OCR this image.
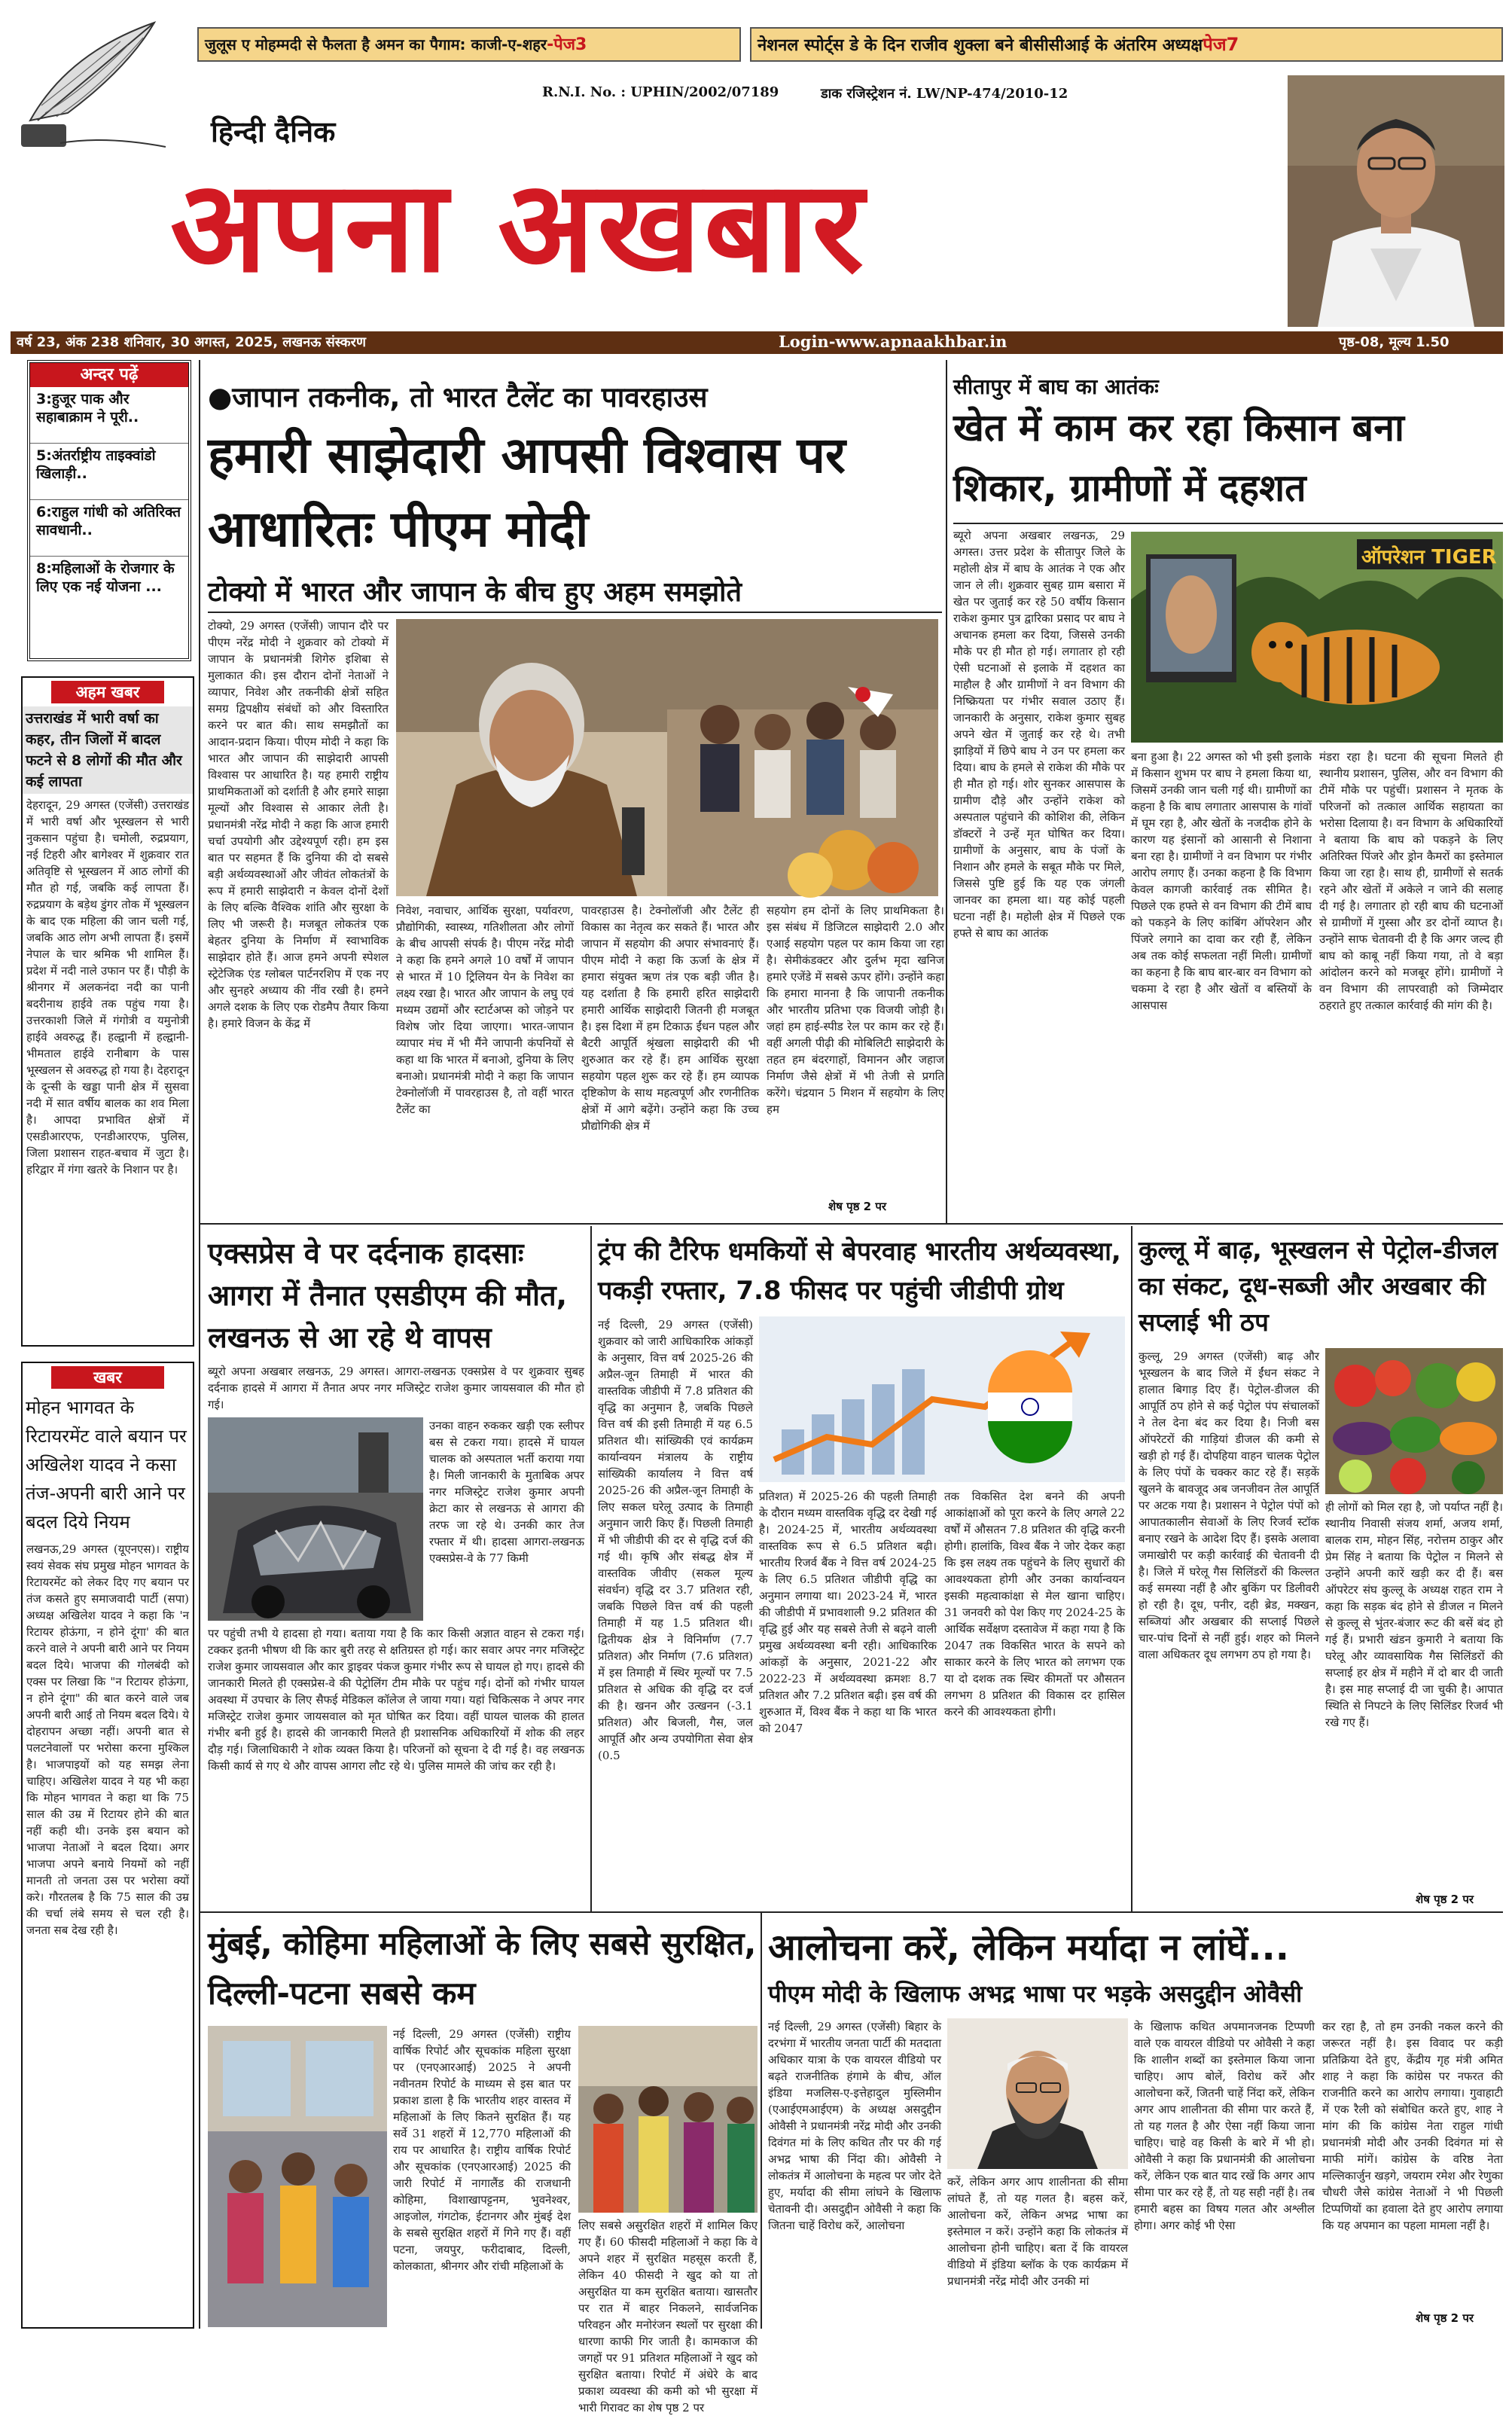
जुलूस ए मोहम्मदी से फैलता है अमन का पैगाम: काजी-ए-शहर-पेज3	नेशनल स्पोर्ट्स डे के दिन राजीव शुक्ला बने बीसीसीआई के अंतरिम अध्यक्षपेज7
R.N.I. No. : UPHIN/2002/07189	डाक रजिस्ट्रेशन नं. LW/NP-474/2010-12
हिन्दी दैनिक
अपना अखबार
वर्ष 23, अंक 238 शनिवार, 30 अगस्त, 2025, लखनऊ संस्करण	Login-www.apnaakhbar.in	पृष्ठ-08, मूल्य 1.50
अन्दर पढ़ें
3:हुजूर पाक और सहाबाक्राम ने पूरी..
5:अंतर्राष्ट्रीय ताइक्वांडो खिलाड़ी..
6:राहुल गांधी को अतिरिक्त सावधानी..
8:महिलाओं के रोजगार के लिए एक नई योजना ...
अहम खबर
उत्तराखंड में भारी वर्षा का कहर, तीन जिलों में बादल फटने से 8 लोगों की मौत और कई लापता
देहरादून, 29 अगस्त (एजेंसी) उत्तराखंड में भारी वर्षा और भूस्खलन से भारी नुकसान पहुंचा है। चमोली, रुद्रप्रयाग, नई टिहरी और बागेश्वर में शुक्रवार रात अतिवृष्टि से भूस्खलन में आठ लोगों की मौत हो गई, जबकि कई लापता हैं। रुद्रप्रयाग के बड़ेथ डुंगर तोक में भूस्खलन के बाद एक महिला की जान चली गई, जबकि आठ लोग अभी लापता हैं। इसमें नेपाल के चार श्रमिक भी शामिल हैं। प्रदेश में नदी नाले उफान पर हैं। पौड़ी के श्रीनगर में अलकनंदा नदी का पानी बदरीनाथ हाईवे तक पहुंच गया है। उत्तरकाशी जिले में गंगोत्री व यमुनोत्री हाईवे अवरुद्ध हैं। हल्द्वानी में हल्द्वानी-भीमताल हाईवे रानीबाग के पास भूस्खलन से अवरुद्ध हो गया है। देहरादून के दून्सी के खड्डा पानी क्षेत्र में सुसवा नदी में सात वर्षीय बालक का शव मिला है। आपदा प्रभावित क्षेत्रों में एसडीआरएफ, एनडीआरएफ, पुलिस, जिला प्रशासन राहत-बचाव में जुटा है। हरिद्वार में गंगा खतरे के निशान पर है।
खबर
मोहन भागवत के रिटायरमेंट वाले बयान पर अखिलेश यादव ने कसा तंज-अपनी बारी आने पर बदल दिये नियम
लखनऊ,29 अगस्त (यूएनएस)। राष्ट्रीय स्वयं सेवक संघ प्रमुख मोहन भागवत के रिटायरमेंट को लेकर दिए गए बयान पर तंज कसते हुए समाजवादी पार्टी (सपा) अध्यक्ष अखिलेश यादव ने कहा कि 'न रिटायर होऊंगा, न होने दूंगा' की बात करने वाले ने अपनी बारी आने पर नियम बदल दिये। भाजपा की गोलबंदी को एक्स पर लिखा कि "न रिटायर होऊंगा, न होने दूंगा" की बात करने वाले जब अपनी बारी आई तो नियम बदल दिये। ये दोहरापन अच्छा नहीं। अपनी बात से पलटनेवालों पर भरोसा करना मुश्किल है। भाजपाइयों को यह समझ लेना चाहिए। अखिलेश यादव ने यह भी कहा कि मोहन भागवत ने कहा था कि 75 साल की उम्र में रिटायर होने की बात नहीं कही थी। उनके इस बयान को भाजपा नेताओं ने बदल दिया। अगर भाजपा अपने बनाये नियमों को नहीं मानती तो जनता उस पर भरोसा क्यों करे। गौरतलब है कि 75 साल की उम्र की चर्चा लंबे समय से चल रही है। जनता सब देख रही है।
●जापान तकनीक, तो भारत टैलेंट का पावरहाउस
हमारी साझेदारी आपसी विश्वास पर आधारितः पीएम मोदी
टोक्यो में भारत और जापान के बीच हुए अहम समझोते
टोक्यो, 29 अगस्त (एजेंसी) जापान दौरे पर पीएम नरेंद्र मोदी ने शुक्रवार को टोक्यो में जापान के प्रधानमंत्री शिगेरु इशिबा से मुलाकात की। इस दौरान दोनों नेताओं ने व्यापार, निवेश और तकनीकी क्षेत्रों सहित समग्र द्विपक्षीय संबंधों को और विस्तारित करने पर बात की। साथ समझौतों का आदान-प्रदान किया। पीएम मोदी ने कहा कि भारत और जापान की साझेदारी आपसी विश्वास पर आधारित है। यह हमारी राष्ट्रीय प्राथमिकताओं को दर्शाती है और हमारे साझा मूल्यों और विश्वास से आकार लेती है। प्रधानमंत्री नरेंद्र मोदी ने कहा कि आज हमारी चर्चा उपयोगी और उद्देश्यपूर्ण रही। हम इस बात पर सहमत हैं कि दुनिया की दो सबसे बड़ी अर्थव्यवस्थाओं और जीवंत लोकतंत्रों के रूप में हमारी साझेदारी न केवल दोनों देशों के लिए बल्कि वैश्विक शांति और सुरक्षा के लिए भी जरूरी है। मजबूत लोकतंत्र एक बेहतर दुनिया के निर्माण में स्वाभाविक साझेदार होते हैं। आज हमने अपनी स्पेशल स्ट्रेटेजिक एंड ग्लोबल पार्टनरशिप में एक नए और सुनहरे अध्याय की नींव रखी है। हमने अगले दशक के लिए एक रोडमैप तैयार किया है। हमारे विजन के केंद्र में
निवेश, नवाचार, आर्थिक सुरक्षा, पर्यावरण, प्रौद्योगिकी, स्वास्थ्य, गतिशीलता और लोगों के बीच आपसी संपर्क है। पीएम नरेंद्र मोदी ने कहा कि हमने अगले 10 वर्षों में जापान से भारत में 10 ट्रिलियन येन के निवेश का लक्ष्य रखा है। भारत और जापान के लघु एवं मध्यम उद्यमों और स्टार्टअप्स को जोड़ने पर विशेष जोर दिया जाएगा। भारत-जापान व्यापार मंच में भी मैंने जापानी कंपनियों से कहा था कि भारत में बनाओ, दुनिया के लिए बनाओ। प्रधानमंत्री मोदी ने कहा कि जापान टेक्नोलॉजी में पावरहाउस है, तो वहीं भारत टैलेंट का
पावरहाउस है। टेक्नोलॉजी और टैलेंट ही विकास का नेतृत्व कर सकते हैं। भारत और जापान में सहयोग की अपार संभावनाएं हैं। पीएम मोदी ने कहा कि ऊर्जा के क्षेत्र में हमारा संयुक्त ऋण तंत्र एक बड़ी जीत है। यह दर्शाता है कि हमारी हरित साझेदारी हमारी आर्थिक साझेदारी जितनी ही मजबूत है। इस दिशा में हम टिकाऊ ईंधन पहल और बैटरी आपूर्ति श्रृंखला साझेदारी की भी शुरुआत कर रहे हैं। हम आर्थिक सुरक्षा सहयोग पहल शुरू कर रहे हैं। हम व्यापक दृष्टिकोण के साथ महत्वपूर्ण और रणनीतिक क्षेत्रों में आगे बढ़ेंगे। उन्होंने कहा कि उच्च प्रौद्योगिकी क्षेत्र में
सहयोग हम दोनों के लिए प्राथमिकता है। इस संबंध में डिजिटल साझेदारी 2.0 और एआई सहयोग पहल पर काम किया जा रहा है। सेमीकंडक्टर और दुर्लभ मृदा खनिज हमारे एजेंडे में सबसे ऊपर होंगे। उन्होंने कहा कि हमारा मानना है कि जापानी तकनीक और भारतीय प्रतिभा एक विजयी जोड़ी है। जहां हम हाई-स्पीड रेल पर काम कर रहे हैं। वहीं अगली पीढ़ी की मोबिलिटी साझेदारी के तहत हम बंदरगाहों, विमानन और जहाज निर्माण जैसे क्षेत्रों में भी तेजी से प्रगति करेंगे। चंद्रयान 5 मिशन में सहयोग के लिए हम
शेष पृष्ठ 2 पर
सीतापुर में बाघ का आतंकः
खेत में काम कर रहा किसान बना शिकार, ग्रामीणों में दहशत
ब्यूरो अपना अखबार लखनऊ, 29 अगस्त। उत्तर प्रदेश के सीतापुर जिले के महोली क्षेत्र में बाघ के आतंक ने एक और जान ले ली। शुक्रवार सुबह ग्राम बसारा में खेत पर जुताई कर रहे 50 वर्षीय किसान राकेश कुमार पुत्र द्वारिका प्रसाद पर बाघ ने अचानक हमला कर दिया, जिससे उनकी मौके पर ही मौत हो गई। लगातार हो रही ऐसी घटनाओं से इलाके में दहशत का माहौल है और ग्रामीणों ने वन विभाग की निष्क्रियता पर गंभीर सवाल उठाए हैं। जानकारी के अनुसार, राकेश कुमार सुबह अपने खेत में जुताई कर रहे थे। तभी झाड़ियों में छिपे बाघ ने उन पर हमला कर दिया। बाघ के हमले से राकेश की मौके पर ही मौत हो गई। शोर सुनकर आसपास के ग्रामीण दौड़े और उन्होंने राकेश को अस्पताल पहुंचाने की कोशिश की, लेकिन डॉक्टरों ने उन्हें मृत घोषित कर दिया। ग्रामीणों के अनुसार, बाघ के पंजों के निशान और हमले के सबूत मौके पर मिले, जिससे पुष्टि हुई कि यह एक जंगली जानवर का हमला था। यह कोई पहली घटना नहीं है। महोली क्षेत्र में पिछले एक हफ्ते से बाघ का आतंक
ऑपरेशन TIGER
बना हुआ है। 22 अगस्त को भी इसी इलाके में किसान शुभम पर बाघ ने हमला किया था, जिसमें उनकी जान चली गई थी। ग्रामीणों का कहना है कि बाघ लगातार आसपास के गांवों में घूम रहा है, और खेतों के नजदीक होने के कारण यह इंसानों को आसानी से निशाना बना रहा है। ग्रामीणों ने वन विभाग पर गंभीर आरोप लगाए हैं। उनका कहना है कि विभाग केवल कागजी कार्रवाई तक सीमित है। पिछले एक हफ्ते से वन विभाग की टीमें बाघ को पकड़ने के लिए कांबिंग ऑपरेशन और पिंजरे लगाने का दावा कर रही हैं, लेकिन अब तक कोई सफलता नहीं मिली। ग्रामीणों का कहना है कि बाघ बार-बार वन विभाग को चकमा दे रहा है और खेतों व बस्तियों के आसपास
मंडरा रहा है। घटना की सूचना मिलते ही स्थानीय प्रशासन, पुलिस, और वन विभाग की टीमें मौके पर पहुंचीं। प्रशासन ने मृतक के परिजनों को तत्काल आर्थिक सहायता का भरोसा दिलाया है। वन विभाग के अधिकारियों ने बताया कि बाघ को पकड़ने के लिए अतिरिक्त पिंजरे और ड्रोन कैमरों का इस्तेमाल किया जा रहा है। साथ ही, ग्रामीणों से सतर्क रहने और खेतों में अकेले न जाने की सलाह दी गई है। लगातार हो रही बाघ की घटनाओं से ग्रामीणों में गुस्सा और डर दोनों व्याप्त है। उन्होंने साफ चेतावनी दी है कि अगर जल्द ही बाघ को काबू नहीं किया गया, तो वे बड़ा आंदोलन करने को मजबूर होंगे। ग्रामीणों ने वन विभाग की लापरवाही को जिम्मेदार ठहराते हुए तत्काल कार्रवाई की मांग की है।
एक्सप्रेस वे पर दर्दनाक हादसाः आगरा में तैनात एसडीएम की मौत, लखनऊ से आ रहे थे वापस
ब्यूरो अपना अखबार लखनऊ, 29 अगस्त। आगरा-लखनऊ एक्सप्रेस वे पर शुक्रवार सुबह दर्दनाक हादसे में आगरा में तैनात अपर नगर मजिस्ट्रेट राजेश कुमार जायसवाल की मौत हो गई।
उनका वाहन रुककर खड़ी एक स्लीपर बस से टकरा गया। हादसे में घायल चालक को अस्पताल भर्ती कराया गया है। मिली जानकारी के मुताबिक अपर नगर मजिस्ट्रेट राजेश कुमार अपनी क्रेटा कार से लखनऊ से आगरा की तरफ जा रहे थे। उनकी कार तेज रफ्तार में थी। हादसा आगरा-लखनऊ एक्सप्रेस-वे के 77 किमी
पर पहुंची तभी ये हादसा हो गया। बताया गया है कि कार किसी अज्ञात वाहन से टकरा गई। टक्कर इतनी भीषण थी कि कार बुरी तरह से क्षतिग्रस्त हो गई। कार सवार अपर नगर मजिस्ट्रेट राजेश कुमार जायसवाल और कार ड्राइवर पंकज कुमार गंभीर रूप से घायल हो गए। हादसे की जानकारी मिलते ही एक्सप्रेस-वे की पेट्रोलिंग टीम मौके पर पहुंच गई। दोनों को गंभीर घायल अवस्था में उपचार के लिए सैफई मेडिकल कॉलेज ले जाया गया। यहां चिकित्सक ने अपर नगर मजिस्ट्रेट राजेश कुमार जायसवाल को मृत घोषित कर दिया। वहीं घायल चालक की हालत गंभीर बनी हुई है। हादसे की जानकारी मिलते ही प्रशासनिक अधिकारियों में शोक की लहर दौड़ गई। जिलाधिकारी ने शोक व्यक्त किया है। परिजनों को सूचना दे दी गई है। वह लखनऊ किसी कार्य से गए थे और वापस आगरा लौट रहे थे। पुलिस मामले की जांच कर रही है।
ट्रंप की टैरिफ धमकियों से बेपरवाह भारतीय अर्थव्यवस्था, पकड़ी रफ्तार, 7.8 फीसद पर पहुंची जीडीपी ग्रोथ
नई दिल्ली, 29 अगस्त (एजेंसी) शुक्रवार को जारी आधिकारिक आंकड़ों के अनुसार, वित्त वर्ष 2025-26 की अप्रैल-जून तिमाही में भारत की वास्तविक जीडीपी में 7.8 प्रतिशत की वृद्धि का अनुमान है, जबकि पिछले वित्त वर्ष की इसी तिमाही में यह 6.5 प्रतिशत थी। सांख्यिकी एवं कार्यक्रम कार्यान्वयन मंत्रालय के राष्ट्रीय सांख्यिकी कार्यालय ने वित्त वर्ष 2025-26 की अप्रैल-जून तिमाही के लिए सकल घरेलू उत्पाद के तिमाही अनुमान जारी किए हैं। पिछली तिमाही में भी जीडीपी की दर से वृद्धि दर्ज की गई थी। कृषि और संबद्ध क्षेत्र में वास्तविक जीवीए (सकल मूल्य संवर्धन) वृद्धि दर 3.7 प्रतिशत रही, जबकि पिछले वित्त वर्ष की पहली तिमाही में यह 1.5 प्रतिशत थी। द्वितीयक क्षेत्र ने विनिर्माण (7.7 प्रतिशत) और निर्माण (7.6 प्रतिशत) में इस तिमाही में स्थिर मूल्यों पर 7.5 प्रतिशत से अधिक की वृद्धि दर दर्ज की है। खनन और उत्खनन (-3.1 प्रतिशत) और बिजली, गैस, जल आपूर्ति और अन्य उपयोगिता सेवा क्षेत्र (0.5
प्रतिशत) में 2025-26 की पहली तिमाही के दौरान मध्यम वास्तविक वृद्धि दर देखी गई है। 2024-25 में, भारतीय अर्थव्यवस्था वास्तविक रूप से 6.5 प्रतिशत बढ़ी। भारतीय रिजर्व बैंक ने वित्त वर्ष 2024-25 के लिए 6.5 प्रतिशत जीडीपी वृद्धि का अनुमान लगाया था। 2023-24 में, भारत की जीडीपी में प्रभावशाली 9.2 प्रतिशत की वृद्धि हुई और यह सबसे तेजी से बढ़ने वाली प्रमुख अर्थव्यवस्था बनी रही। आधिकारिक आंकड़ों के अनुसार, 2021-22 और 2022-23 में अर्थव्यवस्था क्रमशः 8.7 प्रतिशत और 7.2 प्रतिशत बढ़ी। इस वर्ष की शुरुआत में, विश्व बैंक ने कहा था कि भारत को 2047
तक विकसित देश बनने की अपनी आकांक्षाओं को पूरा करने के लिए अगले 22 वर्षों में औसतन 7.8 प्रतिशत की वृद्धि करनी होगी। हालांकि, विश्व बैंक ने जोर देकर कहा कि इस लक्ष्य तक पहुंचने के लिए सुधारों की आवश्यकता होगी और उनका कार्यान्वयन इसकी महत्वाकांक्षा से मेल खाना चाहिए। 31 जनवरी को पेश किए गए 2024-25 के आर्थिक सर्वेक्षण दस्तावेज में कहा गया है कि 2047 तक विकसित भारत के सपने को साकार करने के लिए भारत को लगभग एक या दो दशक तक स्थिर कीमतों पर औसतन लगभग 8 प्रतिशत की विकास दर हासिल करने की आवश्यकता होगी।
कुल्लू में बाढ़, भूस्खलन से पेट्रोल-डीजल का संकट, दूध-सब्जी और अखबार की सप्लाई भी ठप
कुल्लू, 29 अगस्त (एजेंसी) बाढ़ और भूस्खलन के बाद जिले में ईंधन संकट ने हालात बिगाड़ दिए हैं। पेट्रोल-डीजल की आपूर्ति ठप होने से कई पेट्रोल पंप संचालकों ने तेल देना बंद कर दिया है। निजी बस ऑपरेटरों की गाड़ियां डीजल की कमी से खड़ी हो गई हैं। दोपहिया वाहन चालक पेट्रोल के लिए पंपों के चक्कर काट रहे हैं। सड़कें खुलने के बावजूद अब जनजीवन तेल आपूर्ति पर अटक गया है। प्रशासन ने पेट्रोल पंपों को आपातकालीन सेवाओं के लिए रिजर्व स्टॉक बनाए रखने के आदेश दिए हैं। इसके अलावा जमाखोरी पर कड़ी कार्रवाई की चेतावनी दी है। जिले में घरेलू गैस सिलिंडरों की किल्लत कई समस्या नहीं है और बुकिंग पर डिलीवरी हो रही है। दूध, पनीर, दही ब्रेड, मक्खन, सब्जियां और अखबार की सप्लाई पिछले चार-पांच दिनों से नहीं हुई। शहर को मिलने वाला अधिकतर दूध लगभग ठप हो गया है।
ही लोगों को मिल रहा है, जो पर्याप्त नहीं है। स्थानीय निवासी संजय शर्मा, अजय शर्मा, बालक राम, मोहन सिंह, नरोत्तम ठाकुर और प्रेम सिंह ने बताया कि पेट्रोल न मिलने से उन्होंने अपनी कारें खड़ी कर दी हैं। बस ऑपरेटर संघ कुल्लू के अध्यक्ष राहत राम ने कहा कि सड़क बंद होने से डीजल न मिलने से कुल्लू से भुंतर-बंजार रूट की बसें बंद हो गई हैं। प्रभारी खंडन कुमारी ने बताया कि घरेलू और व्यावसायिक गैस सिलिंडरों की सप्लाई हर क्षेत्र में महीने में दो बार दी जाती है। इस माह सप्लाई दी जा चुकी है। आपात स्थिति से निपटने के लिए सिलिंडर रिजर्व भी रखे गए हैं।
शेष पृष्ठ 2 पर
मुंबई, कोहिमा महिलाओं के लिए सबसे सुरक्षित, दिल्ली-पटना सबसे कम
नई दिल्ली, 29 अगस्त (एजेंसी) राष्ट्रीय वार्षिक रिपोर्ट और सूचकांक महिला सुरक्षा पर (एनएआरआई) 2025 ने अपनी नवीनतम रिपोर्ट के माध्यम से इस बात पर प्रकाश डाला है कि भारतीय शहर वास्तव में महिलाओं के लिए कितने सुरक्षित हैं। यह सर्वे 31 शहरों में 12,770 महिलाओं की राय पर आधारित है। राष्ट्रीय वार्षिक रिपोर्ट और सूचकांक (एनएआरआई) 2025 की जारी रिपोर्ट में नागालैंड की राजधानी कोहिमा, विशाखापट्टनम, भुवनेश्वर, आइजोल, गंगटोक, ईटानगर और मुंबई देश के सबसे सुरक्षित शहरों में गिने गए हैं। वहीं पटना, जयपुर, फरीदाबाद, दिल्ली, कोलकाता, श्रीनगर और रांची महिलाओं के
लिए सबसे असुरक्षित शहरों में शामिल किए गए हैं। 60 फीसदी महिलाओं ने कहा कि वे अपने शहर में सुरक्षित महसूस करती हैं, लेकिन 40 फीसदी ने खुद को या तो असुरक्षित या कम सुरक्षित बताया। खासतौर पर रात में बाहर निकलने, सार्वजनिक परिवहन और मनोरंजन स्थलों पर सुरक्षा की धारणा काफी गिर जाती है। कामकाज की जगहों पर 91 प्रतिशत महिलाओं ने खुद को सुरक्षित बताया। रिपोर्ट में अंधेरे के बाद प्रकाश व्यवस्था की कमी को भी सुरक्षा में भारी गिरावट का शेष पृष्ठ 2 पर
आलोचना करें, लेकिन मर्यादा न लांघें...
पीएम मोदी के खिलाफ अभद्र भाषा पर भड़के असदुद्दीन ओवैसी
नई दिल्ली, 29 अगस्त (एजेंसी) बिहार के दरभंगा में भारतीय जनता पार्टी की मतदाता अधिकार यात्रा के एक वायरल वीडियो पर बढ़ते राजनीतिक हंगामे के बीच, ऑल इंडिया मजलिस-ए-इत्तेहादुल मुस्लिमीन (एआईएमआईएम) के अध्यक्ष असदुद्दीन ओवैसी ने प्रधानमंत्री नरेंद्र मोदी और उनकी दिवंगत मां के लिए कथित तौर पर की गई अभद्र भाषा की निंदा की। ओवैसी ने लोकतंत्र में आलोचना के महत्व पर जोर देते हुए, मर्यादा की सीमा लांघने के खिलाफ चेतावनी दी। असदुद्दीन ओवैसी ने कहा कि जितना चाहें विरोध करें, आलोचना
करें, लेकिन अगर आप शालीनता की सीमा लांघते हैं, तो यह गलत है। बहस करें, आलोचना करें, लेकिन अभद्र भाषा का इस्तेमाल न करें। उन्होंने कहा कि लोकतंत्र में आलोचना होनी चाहिए। बता दें कि वायरल वीडियो में इंडिया ब्लॉक के एक कार्यक्रम में प्रधानमंत्री नरेंद्र मोदी और उनकी मां
के खिलाफ कथित अपमानजनक टिप्पणी वाले एक वायरल वीडियो पर ओवैसी ने कहा कि शालीन शब्दों का इस्तेमाल किया जाना चाहिए। आप बोलें, विरोध करें और आलोचना करें, जितनी चाहें निंदा करें, लेकिन अगर आप शालीनता की सीमा पार करते हैं, तो यह गलत है और ऐसा नहीं किया जाना चाहिए। चाहे वह किसी के बारे में भी हो। ओवैसी ने कहा कि प्रधानमंत्री की आलोचना करें, लेकिन एक बात याद रखें कि अगर आप सीमा पार कर रहे हैं, तो यह सही नहीं है। तब हमारी बहस का विषय गलत और अश्लील होगा। अगर कोई भी ऐसा
कर रहा है, तो हम उनकी नकल करने की जरूरत नहीं है। इस विवाद पर कड़ी प्रतिक्रिया देते हुए, केंद्रीय गृह मंत्री अमित शाह ने कहा कि कांग्रेस पर नफरत की राजनीति करने का आरोप लगाया। गुवाहाटी में एक रैली को संबोधित करते हुए, शाह ने मांग की कि कांग्रेस नेता राहुल गांधी प्रधानमंत्री मोदी और उनकी दिवंगत मां से माफी मांगें। कांग्रेस के वरिष्ठ नेता मल्लिकार्जुन खड़गे, जयराम रमेश और रेणुका चौधरी जैसे कांग्रेस नेताओं ने भी पिछली टिप्पणियों का हवाला देते हुए आरोप लगाया कि यह अपमान का पहला मामला नहीं है।
शेष पृष्ठ 2 पर
